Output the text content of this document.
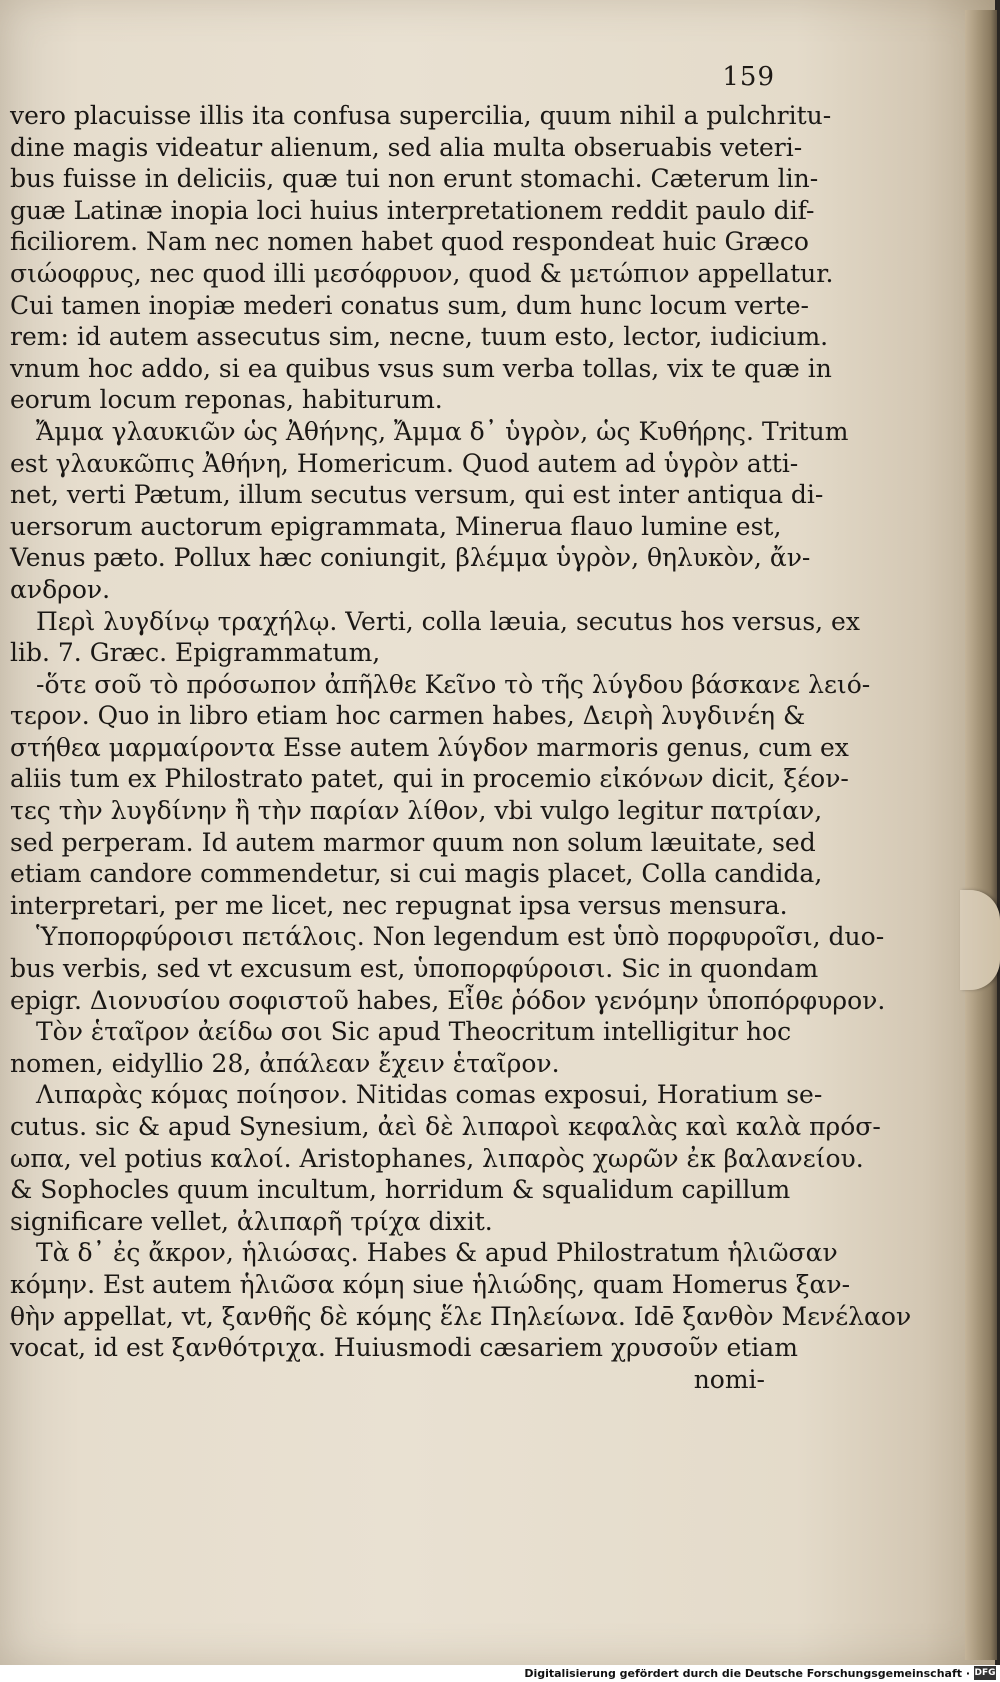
159
vero placuisse illis ita confusa supercilia, quum nihil a pulchritu-
dine magis videatur alienum, sed alia multa obseruabis veteri-
bus fuisse in deliciis, quæ tui non erunt stomachi. Cæterum lin-
guæ Latinæ inopia loci huius interpretationem reddit paulo dif-
ficiliorem. Nam nec nomen habet quod respondeat huic Græco
σιώοφρυς, nec quod illi μεσόφρυον, quod & μετώπιον appellatur.
Cui tamen inopiæ mederi conatus sum, dum hunc locum verte-
rem: id autem assecutus sim, necne, tuum esto, lector, iudicium.
vnum hoc addo, si ea quibus vsus sum verba tollas, vix te quæ in
eorum locum reponas, habiturum.
Ἄμμα γλαυκιῶν ὡς Ἀθήνης, Ἄμμα δ᾽ ὑγρὸν, ὡς Κυθήρης. Tritum
est γλαυκῶπις Ἀθήνη, Homericum. Quod autem ad ὑγρὸν atti-
net, verti Pætum, illum secutus versum, qui est inter antiqua di-
uersorum auctorum epigrammata, Minerua flauo lumine est,
Venus pæto. Pollux hæc coniungit, βλέμμα ὑγρὸν, θηλυκὸν, ἄν-
ανδρον.
Περὶ λυγδίνῳ τραχήλῳ. Verti, colla læuia, secutus hos versus, ex
lib. 7. Græc. Epigrammatum,
-ὅτε σοῦ τὸ πρόσωπον ἀπῆλθε Κεῖνο τὸ τῆς λύγδου βάσκανε λειό-
τερον. Quo in libro etiam hoc carmen habes, Δειρὴ λυγδινέη &
στήθεα μαρμαίροντα Esse autem λύγδον marmoris genus, cum ex
aliis tum ex Philostrato patet, qui in procemio εἰκόνων dicit, ξέον-
τες τὴν λυγδίνην ἢ τὴν παρίαν λίθον, vbi vulgo legitur πατρίαν,
sed perperam. Id autem marmor quum non solum læuitate, sed
etiam candore commendetur, si cui magis placet, Colla candida,
interpretari, per me licet, nec repugnat ipsa versus mensura.
Ὑποπορφύροισι πετάλοις. Non legendum est ὑπὸ πορφυροῖσι, duo-
bus verbis, sed vt excusum est, ὑποπορφύροισι. Sic in quondam
epigr. Διονυσίου σοφιστοῦ habes, Εἶθε ῥόδον γενόμην ὑποπόρφυρον.
Τὸν ἑταῖρον ἀείδω σοι Sic apud Theocritum intelligitur hoc
nomen, eidyllio 28, ἀπάλεαν ἔχειν ἑταῖρον.
Λιπαρὰς κόμας ποίησον. Nitidas comas exposui, Horatium se-
cutus. sic & apud Synesium, ἀεὶ δὲ λιπαροὶ κεφαλὰς καὶ καλὰ πρόσ-
ωπα, vel potius καλοί. Aristophanes, λιπαρὸς χωρῶν ἐκ βαλανείου.
& Sophocles quum incultum, horridum & squalidum capillum
significare vellet, ἀλιπαρῆ τρίχα dixit.
Τὰ δ᾽ ἐς ἄκρον, ἡλιώσας. Habes & apud Philostratum ἡλιῶσαν
κόμην. Est autem ἡλιῶσα κόμη siue ἡλιώδης, quam Homerus ξαν-
θὴν appellat, vt, ξανθῆς δὲ κόμης ἕλε Πηλείωνα. Idē ξανθὸν Μενέλαον
vocat, id est ξανθότριχα. Huiusmodi cæsariem χρυσοῦν etiam
nomi-
Digitalisierung gefördert durch die Deutsche Forschungsgemeinschaft · DFG
